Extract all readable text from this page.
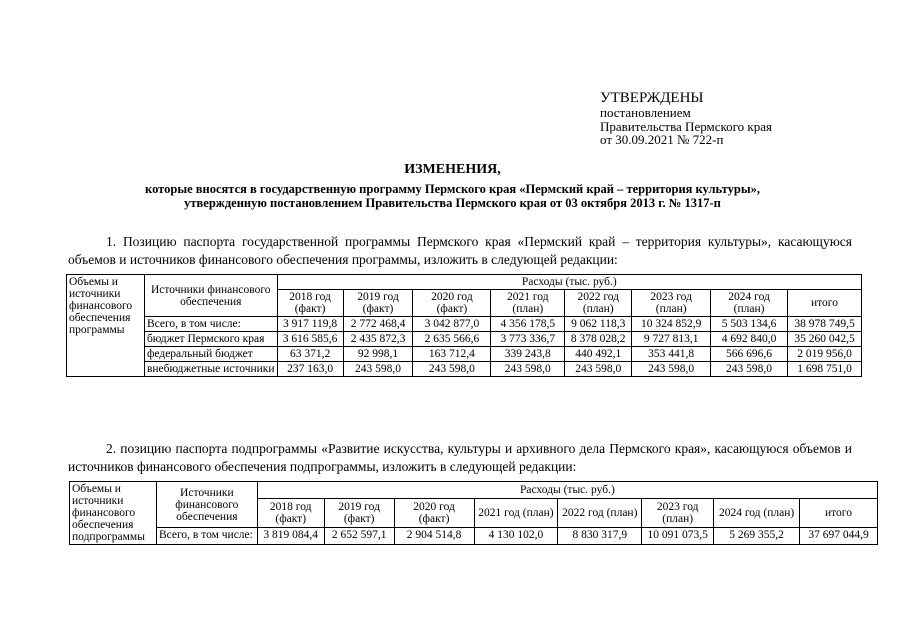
УТВЕРЖДЕНЫ
постановлением
Правительства Пермского края
от 30.09.2021 № 722-п
ИЗМЕНЕНИЯ,
которые вносятся в государственную программу Пермского края «Пермский край – территория культуры»,
утвержденную постановлением Правительства Пермского края от 03 октября 2013 г. № 1317-п
1. Позицию паспорта государственной программы Пермского края «Пермский край – территория культуры», касающуюся объемов и источников финансового обеспечения программы, изложить в следующей редакции:
Объемы и источники финансового обеспечения программы	Источники финансового обеспечения	Расходы (тыс. руб.)							
		2018 год (факт)	2019 год (факт)	2020 год (факт)	2021 год (план)	2022 год (план)	2023 год (план)	2024 год (план)	итого
	Всего, в том числе:	3 917 119,8	2 772 468,4	3 042 877,0	4 356 178,5	9 062 118,3	10 324 852,9	5 503 134,6	38 978 749,5
	бюджет Пермского края	3 616 585,6	2 435 872,3	2 635 566,6	3 773 336,7	8 378 028,2	9 727 813,1	4 692 840,0	35 260 042,5
	федеральный бюджет	63 371,2	92 998,1	163 712,4	339 243,8	440 492,1	353 441,8	566 696,6	2 019 956,0
	внебюджетные источники	237 163,0	243 598,0	243 598,0	243 598,0	243 598,0	243 598,0	243 598,0	1 698 751,0
2. позицию паспорта подпрограммы «Развитие искусства, культуры и архивного дела Пермского края», касающуюся объемов и источников финансового обеспечения подпрограммы, изложить в следующей редакции:
Объемы и источники финансового обеспечения подпрограммы	Источники финансового обеспечения	Расходы (тыс. руб.)							
		2018 год (факт)	2019 год (факт)	2020 год (факт)	2021 год (план)	2022 год (план)	2023 год (план)	2024 год (план)	итого
	Всего, в том числе:	3 819 084,4	2 652 597,1	2 904 514,8	4 130 102,0	8 830 317,9	10 091 073,5	5 269 355,2	37 697 044,9
